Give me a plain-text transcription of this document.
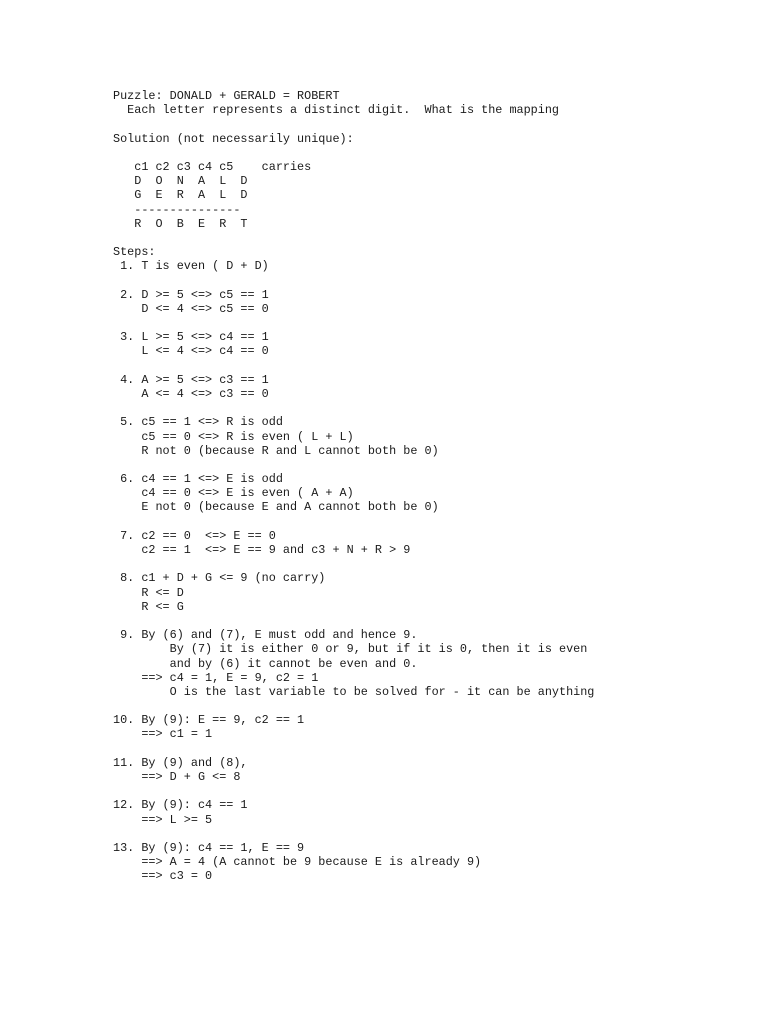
Puzzle: DONALD + GERALD = ROBERT
Each letter represents a distinct digit.  What is the mapping
Solution (not necessarily unique):
c1 c2 c3 c4 c5    carries
D  O  N  A  L  D
G  E  R  A  L  D
---------------
R  O  B  E  R  T
Steps:
1. T is even ( D + D)
2. D >= 5 <=> c5 == 1
D <= 4 <=> c5 == 0
3. L >= 5 <=> c4 == 1
L <= 4 <=> c4 == 0
4. A >= 5 <=> c3 == 1
A <= 4 <=> c3 == 0
5. c5 == 1 <=> R is odd
c5 == 0 <=> R is even ( L + L)
R not 0 (because R and L cannot both be 0)
6. c4 == 1 <=> E is odd
c4 == 0 <=> E is even ( A + A)
E not 0 (because E and A cannot both be 0)
7. c2 == 0  <=> E == 0
c2 == 1  <=> E == 9 and c3 + N + R > 9
8. c1 + D + G <= 9 (no carry)
R <= D
R <= G
9. By (6) and (7), E must odd and hence 9.
By (7) it is either 0 or 9, but if it is 0, then it is even
and by (6) it cannot be even and 0.
==> c4 = 1, E = 9, c2 = 1
O is the last variable to be solved for - it can be anything
10. By (9): E == 9, c2 == 1
==> c1 = 1
11. By (9) and (8),
==> D + G <= 8
12. By (9): c4 == 1
==> L >= 5
13. By (9): c4 == 1, E == 9
==> A = 4 (A cannot be 9 because E is already 9)
==> c3 = 0
